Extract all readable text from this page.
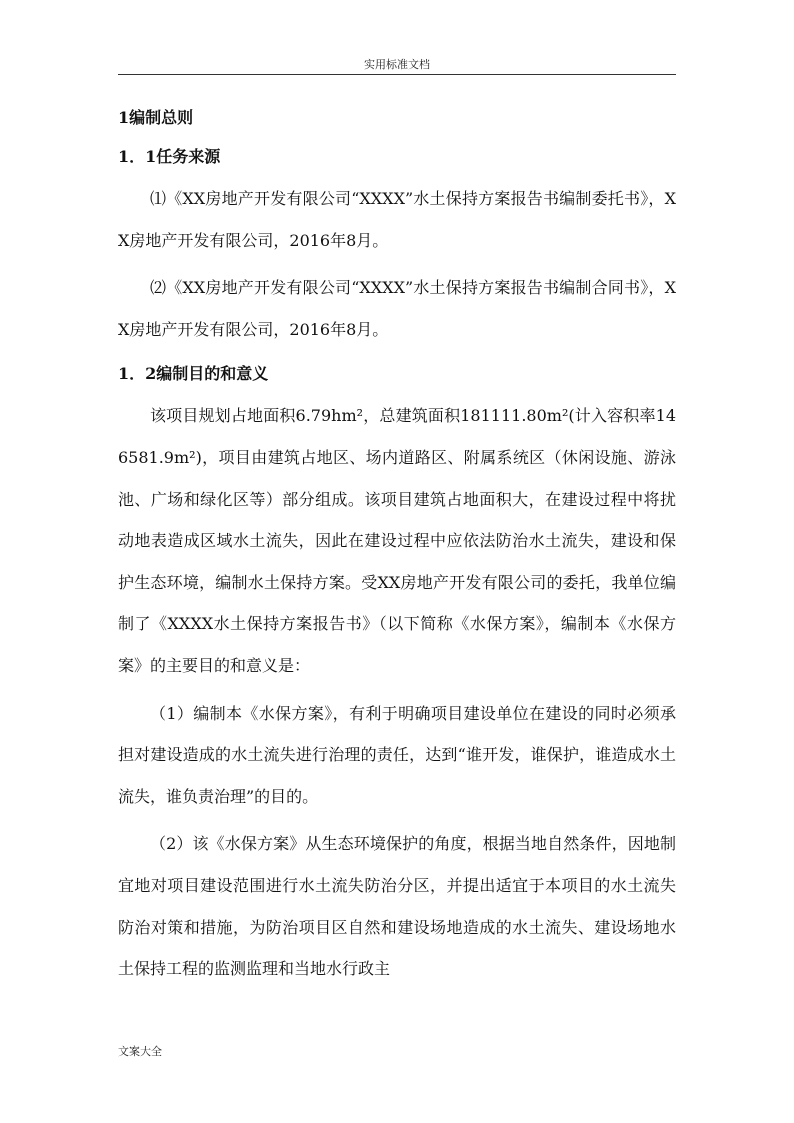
实用标准文档

1编制总则

1．1任务来源

⑴《XX房地产开发有限公司“XXXX”水土保持方案报告书编制委托书》，XX房地产开发有限公司，2016年8月。

⑵《XX房地产开发有限公司“XXXX”水土保持方案报告书编制合同书》，XX房地产开发有限公司，2016年8月。

1．2编制目的和意义

该项目规划占地面积6.79hm²，总建筑面积181111.80m²(计入容积率146581.9m²)，项目由建筑占地区、场内道路区、附属系统区（休闲设施、游泳池、广场和绿化区等）部分组成。该项目建筑占地面积大，在建设过程中将扰动地表造成区域水土流失，因此在建设过程中应依法防治水土流失，建设和保护生态环境，编制水土保持方案。受XX房地产开发有限公司的委托，我单位编制了《XXXX水土保持方案报告书》（以下简称《水保方案》，编制本《水保方案》的主要目的和意义是：

（1）编制本《水保方案》，有利于明确项目建设单位在建设的同时必须承担对建设造成的水土流失进行治理的责任，达到“谁开发，谁保护，谁造成水土流失，谁负责治理”的目的。

（2）该《水保方案》从生态环境保护的角度，根据当地自然条件，因地制宜地对项目建设范围进行水土流失防治分区，并提出适宜于本项目的水土流失防治对策和措施，为防治项目区自然和建设场地造成的水土流失、建设场地水土保持工程的监测监理和当地水行政主

文案大全
